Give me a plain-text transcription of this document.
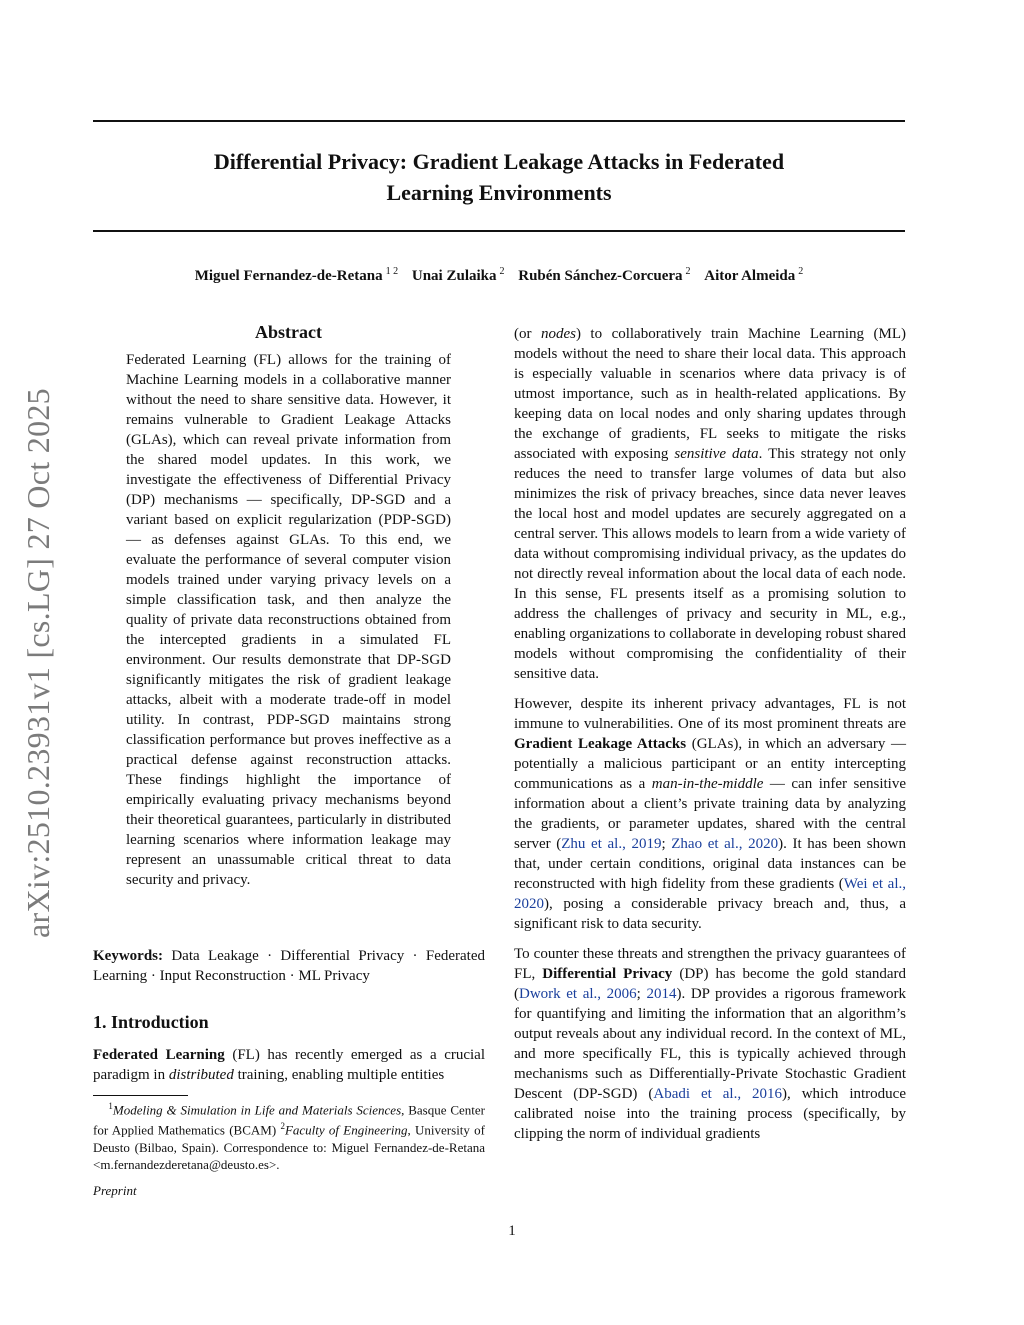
arXiv:2510.23931v1 [cs.LG] 27 Oct 2025
Differential Privacy: Gradient Leakage Attacks in Federated
Learning Environments
Miguel Fernandez-de-Retana $^{1 2}$ Unai Zulaika $^2$ Rubén Sánchez-Corcuera $^2$ Aitor Almeida $^2$
Abstract
Federated Learning (FL) allows for the training of Machine Learning models in a collaborative manner without the need to share sensitive data. However, it remains vulnerable to Gradient Leakage Attacks (GLAs), which can reveal private information from the shared model updates. In this work, we investigate the effectiveness of Differential Privacy (DP) mechanisms — specifically, DP-SGD and a variant based on explicit regularization (PDP-SGD) — as defenses against GLAs. To this end, we evaluate the performance of several computer vision models trained under varying privacy levels on a simple classification task, and then analyze the quality of private data reconstructions obtained from the intercepted gradients in a simulated FL environment. Our results demonstrate that DP-SGD significantly mitigates the risk of gradient leakage attacks, albeit with a moderate trade-off in model utility. In contrast, PDP-SGD maintains strong classification performance but proves ineffective as a practical defense against reconstruction attacks. These findings highlight the importance of empirically evaluating privacy mechanisms beyond their theoretical guarantees, particularly in distributed learning scenarios where information leakage may represent an unassumable critical threat to data security and privacy.
Keywords: Data Leakage · Differential Privacy · Federated Learning · Input Reconstruction · ML Privacy
1. Introduction
Federated Learning (FL) has recently emerged as a crucial paradigm in distributed training, enabling multiple entities
$^1$Modeling & Simulation in Life and Materials Sciences, Basque Center for Applied Mathematics (BCAM) $^2$Faculty of Engineering, University of Deusto (Bilbao, Spain). Correspondence to: Miguel Fernandez-de-Retana <m.fernandezderetana@deusto.es>.
Preprint
1

(or nodes) to collaboratively train Machine Learning (ML) models without the need to share their local data. This approach is especially valuable in scenarios where data privacy is of utmost importance, such as in health-related applications. By keeping data on local nodes and only sharing updates through the exchange of gradients, FL seeks to mitigate the risks associated with exposing sensitive data. This strategy not only reduces the need to transfer large volumes of data but also minimizes the risk of privacy breaches, since data never leaves the local host and model updates are securely aggregated on a central server. This allows models to learn from a wide variety of data without compromising individual privacy, as the updates do not directly reveal information about the local data of each node. In this sense, FL presents itself as a promising solution to address the challenges of privacy and security in ML, e.g., enabling organizations to collaborate in developing robust shared models without compromising the confidentiality of their sensitive data.

However, despite its inherent privacy advantages, FL is not immune to vulnerabilities. One of its most prominent threats are Gradient Leakage Attacks (GLAs), in which an adversary — potentially a malicious participant or an entity intercepting communications as a man-in-the-middle — can infer sensitive information about a client’s private training data by analyzing the gradients, or parameter updates, shared with the central server (Zhu et al., 2019; Zhao et al., 2020). It has been shown that, under certain conditions, original data instances can be reconstructed with high fidelity from these gradients (Wei et al., 2020), posing a considerable privacy breach and, thus, a significant risk to data security.

To counter these threats and strengthen the privacy guarantees of FL, Differential Privacy (DP) has become the gold standard (Dwork et al., 2006; 2014). DP provides a rigorous framework for quantifying and limiting the information that an algorithm’s output reveals about any individual record. In the context of ML, and more specifically FL, this is typically achieved through mechanisms such as Differentially-Private Stochastic Gradient Descent (DP-SGD) (Abadi et al., 2016), which introduce calibrated noise into the training process (specifically, by clipping the norm of individual gradients
